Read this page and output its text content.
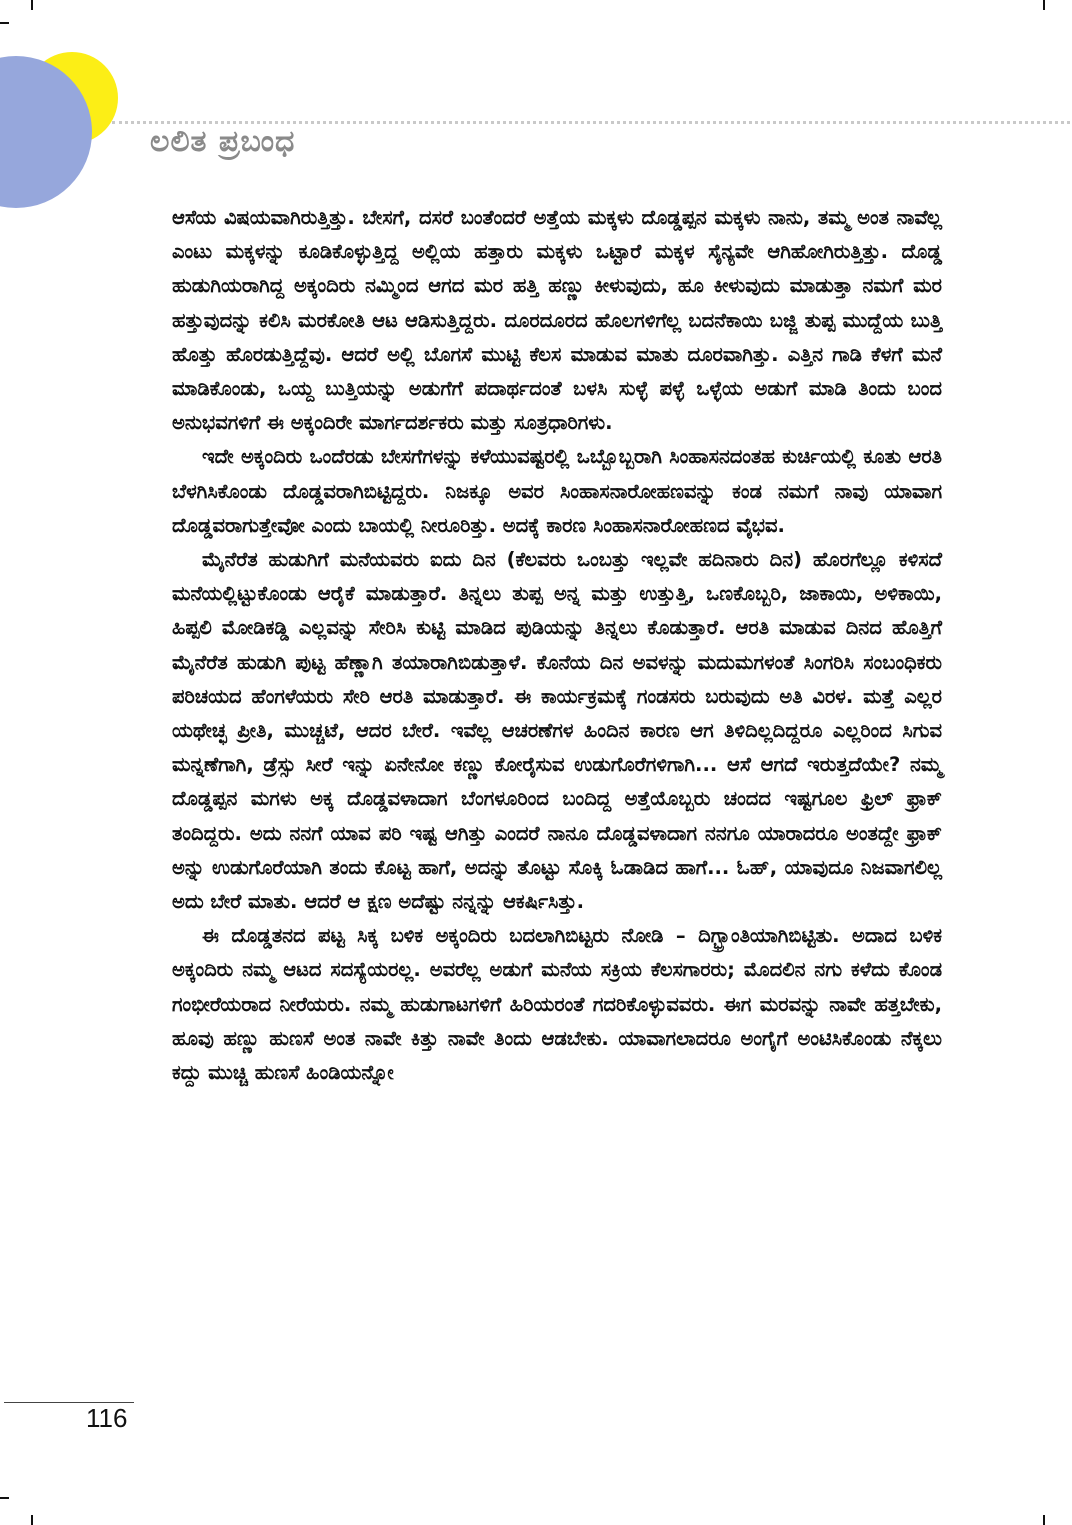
ಲಲಿತ ಪ್ರಬಂಧ

ಆಸೆಯ ವಿಷಯವಾಗಿರುತ್ತಿತ್ತು. ಬೇಸಗೆ, ದಸರೆ ಬಂತೆಂದರೆ ಅತ್ತೆಯ ಮಕ್ಕಳು ದೊಡ್ಡಪ್ಪನ ಮಕ್ಕಳು ನಾನು, ತಮ್ಮ ಅಂತ ನಾವೆಲ್ಲ ಎಂಟು ಮಕ್ಕಳನ್ನು ಕೂಡಿಕೊಳ್ಳುತ್ತಿದ್ದ ಅಲ್ಲಿಯ ಹತ್ತಾರು ಮಕ್ಕಳು ಒಟ್ಟಾರೆ ಮಕ್ಕಳ ಸೈನ್ಯವೇ ಆಗಿಹೋಗಿರುತ್ತಿತ್ತು. ದೊಡ್ಡ ಹುಡುಗಿಯರಾಗಿದ್ದ ಅಕ್ಕಂದಿರು ನಮ್ಮಿಂದ ಆಗದ ಮರ ಹತ್ತಿ ಹಣ್ಣು ಕೀಳುವುದು, ಹೂ ಕೀಳುವುದು ಮಾಡುತ್ತಾ ನಮಗೆ ಮರ ಹತ್ತುವುದನ್ನು ಕಲಿಸಿ ಮರಕೋತಿ ಆಟ ಆಡಿಸುತ್ತಿದ್ದರು. ದೂರದೂರದ ಹೊಲಗಳಿಗೆಲ್ಲ ಬದನೆಕಾಯಿ ಬಜ್ಜಿ ತುಪ್ಪ ಮುದ್ದೆಯ ಬುತ್ತಿ ಹೊತ್ತು ಹೊರಡುತ್ತಿದ್ದೆವು. ಆದರೆ ಅಲ್ಲಿ ಬೊಗಸೆ ಮುಟ್ಟಿ ಕೆಲಸ ಮಾಡುವ ಮಾತು ದೂರವಾಗಿತ್ತು. ಎತ್ತಿನ ಗಾಡಿ ಕೆಳಗೆ ಮನೆ ಮಾಡಿಕೊಂಡು, ಒಯ್ದ ಬುತ್ತಿಯನ್ನು ಅಡುಗೆಗೆ ಪದಾರ್ಥದಂತೆ ಬಳಸಿ ಸುಳ್ಳೆ ಪಳ್ಳೆ ಒಳ್ಳೆಯ ಅಡುಗೆ ಮಾಡಿ ತಿಂದು ಬಂದ ಅನುಭವಗಳಿಗೆ ಈ ಅಕ್ಕಂದಿರೇ ಮಾರ್ಗದರ್ಶಕರು ಮತ್ತು ಸೂತ್ರಧಾರಿಗಳು.

ಇದೇ ಅಕ್ಕಂದಿರು ಒಂದೆರಡು ಬೇಸಗೆಗಳನ್ನು ಕಳೆಯುವಷ್ಟರಲ್ಲಿ ಒಬ್ಬೊಬ್ಬರಾಗಿ ಸಿಂಹಾಸನದಂತಹ ಕುರ್ಚಿಯಲ್ಲಿ ಕೂತು ಆರತಿ ಬೆಳಗಿಸಿಕೊಂಡು ದೊಡ್ಡವರಾಗಿಬಿಟ್ಟಿದ್ದರು. ನಿಜಕ್ಕೂ ಅವರ ಸಿಂಹಾಸನಾರೋಹಣವನ್ನು ಕಂಡ ನಮಗೆ ನಾವು ಯಾವಾಗ ದೊಡ್ಡವರಾಗುತ್ತೇವೋ ಎಂದು ಬಾಯಲ್ಲಿ ನೀರೂರಿತ್ತು. ಅದಕ್ಕೆ ಕಾರಣ ಸಿಂಹಾಸನಾರೋಹಣದ ವೈಭವ.

ಮೈನೆರೆತ ಹುಡುಗಿಗೆ ಮನೆಯವರು ಐದು ದಿನ (ಕೆಲವರು ಒಂಬತ್ತು ಇಲ್ಲವೇ ಹದಿನಾರು ದಿನ) ಹೊರಗೆಲ್ಲೂ ಕಳಿಸದೆ ಮನೆಯಲ್ಲಿಟ್ಟುಕೊಂಡು ಆರೈಕೆ ಮಾಡುತ್ತಾರೆ. ತಿನ್ನಲು ತುಪ್ಪ ಅನ್ನ ಮತ್ತು ಉತ್ತುತ್ತಿ, ಒಣಕೊಬ್ಬರಿ, ಜಾಕಾಯಿ, ಅಳಿಕಾಯಿ, ಹಿಪ್ಪಲಿ ಮೋಡಿಕಡ್ಡಿ ಎಲ್ಲವನ್ನು ಸೇರಿಸಿ ಕುಟ್ಟಿ ಮಾಡಿದ ಪುಡಿಯನ್ನು ತಿನ್ನಲು ಕೊಡುತ್ತಾರೆ. ಆರತಿ ಮಾಡುವ ದಿನದ ಹೊತ್ತಿಗೆ ಮೈನೆರೆತ ಹುಡುಗಿ ಪುಟ್ಟ ಹೆಣ್ಣಾಗಿ ತಯಾರಾಗಿಬಿಡುತ್ತಾಳೆ. ಕೊನೆಯ ದಿನ ಅವಳನ್ನು ಮದುಮಗಳಂತೆ ಸಿಂಗರಿಸಿ ಸಂಬಂಧಿಕರು ಪರಿಚಯದ ಹೆಂಗಳೆಯರು ಸೇರಿ ಆರತಿ ಮಾಡುತ್ತಾರೆ. ಈ ಕಾರ್ಯಕ್ರಮಕ್ಕೆ ಗಂಡಸರು ಬರುವುದು ಅತಿ ವಿರಳ. ಮತ್ತೆ ಎಲ್ಲರ ಯಥೇಚ್ಛ ಪ್ರೀತಿ, ಮುಚ್ಚಟೆ, ಆದರ ಬೇರೆ. ಇವೆಲ್ಲ ಆಚರಣೆಗಳ ಹಿಂದಿನ ಕಾರಣ ಆಗ ತಿಳಿದಿಲ್ಲದಿದ್ದರೂ ಎಲ್ಲರಿಂದ ಸಿಗುವ ಮನ್ನಣೆಗಾಗಿ, ಡ್ರೆಸ್ಸು ಸೀರೆ ಇನ್ನು ಏನೇನೋ ಕಣ್ಣು ಕೋರೈಸುವ ಉಡುಗೊರೆಗಳಿಗಾಗಿ... ಆಸೆ ಆಗದೆ ಇರುತ್ತದೆಯೇ? ನಮ್ಮ ದೊಡ್ಡಪ್ಪನ ಮಗಳು ಅಕ್ಕ ದೊಡ್ಡವಳಾದಾಗ ಬೆಂಗಳೂರಿಂದ ಬಂದಿದ್ದ ಅತ್ತೆಯೊಬ್ಬರು ಚಂದದ ಇಷ್ಟಗೂಲ ಫ್ರಿಲ್ ಫ್ರಾಕ್ ತಂದಿದ್ದರು. ಅದು ನನಗೆ ಯಾವ ಪರಿ ಇಷ್ಟ ಆಗಿತ್ತು ಎಂದರೆ ನಾನೂ ದೊಡ್ಡವಳಾದಾಗ ನನಗೂ ಯಾರಾದರೂ ಅಂತದ್ದೇ ಫ್ರಾಕ್ ಅನ್ನು ಉಡುಗೊರೆಯಾಗಿ ತಂದು ಕೊಟ್ಟ ಹಾಗೆ, ಅದನ್ನು ತೊಟ್ಟು ಸೊಕ್ಕಿ ಓಡಾಡಿದ ಹಾಗೆ... ಓಹ್, ಯಾವುದೂ ನಿಜವಾಗಲಿಲ್ಲ ಅದು ಬೇರೆ ಮಾತು. ಆದರೆ ಆ ಕ್ಷಣ ಅದೆಷ್ಟು ನನ್ನನ್ನು ಆಕರ್ಷಿಸಿತ್ತು.

ಈ ದೊಡ್ಡತನದ ಪಟ್ಟ ಸಿಕ್ಕ ಬಳಿಕ ಅಕ್ಕಂದಿರು ಬದಲಾಗಿಬಿಟ್ಟರು ನೋಡಿ – ದಿಗ್ಭ್ರಾಂತಿಯಾಗಿಬಿಟ್ಟಿತು. ಅದಾದ ಬಳಿಕ ಅಕ್ಕಂದಿರು ನಮ್ಮ ಆಟದ ಸದಸ್ಯೆಯರಲ್ಲ. ಅವರೆಲ್ಲ ಅಡುಗೆ ಮನೆಯ ಸಕ್ರಿಯ ಕೆಲಸಗಾರರು; ಮೊದಲಿನ ನಗು ಕಳೆದು ಕೊಂಡ ಗಂಭೀರೆಯರಾದ ನೀರೆಯರು. ನಮ್ಮ ಹುಡುಗಾಟಗಳಿಗೆ ಹಿರಿಯರಂತೆ ಗದರಿಕೊಳ್ಳುವವರು. ಈಗ ಮರವನ್ನು ನಾವೇ ಹತ್ತಬೇಕು, ಹೂವು ಹಣ್ಣು ಹುಣಸೆ ಅಂತ ನಾವೇ ಕಿತ್ತು ನಾವೇ ತಿಂದು ಆಡಬೇಕು. ಯಾವಾಗಲಾದರೂ ಅಂಗೈಗೆ ಅಂಟಿಸಿಕೊಂಡು ನೆಕ್ಕಲು ಕದ್ದು ಮುಚ್ಚಿ ಹುಣಸೆ ಹಿಂಡಿಯನ್ನೋ

116
